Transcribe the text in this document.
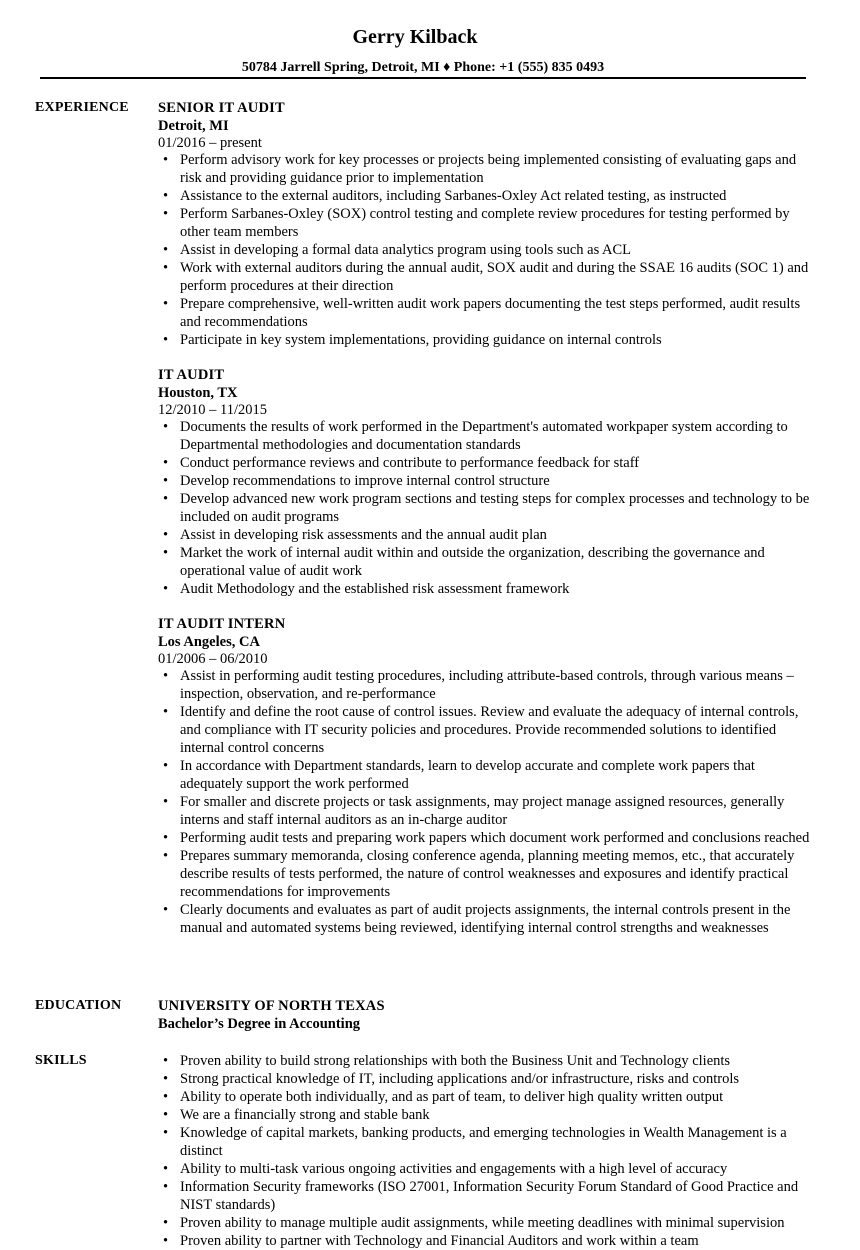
Gerry Kilback
50784 Jarrell Spring, Detroit, MI ♦ Phone: +1 (555) 835 0493
EXPERIENCE SENIOR IT AUDIT
Detroit, MI
01/2016 – present
• Perform advisory work for key processes or projects being implemented consisting of evaluating gaps and risk and providing guidance prior to implementation
• Assistance to the external auditors, including Sarbanes-Oxley Act related testing, as instructed
• Perform Sarbanes-Oxley (SOX) control testing and complete review procedures for testing performed by other team members
• Assist in developing a formal data analytics program using tools such as ACL
• Work with external auditors during the annual audit, SOX audit and during the SSAE 16 audits (SOC 1) and perform procedures at their direction
• Prepare comprehensive, well-written audit work papers documenting the test steps performed, audit results and recommendations
• Participate in key system implementations, providing guidance on internal controls
IT AUDIT
Houston, TX
12/2010 – 11/2015
• Documents the results of work performed in the Department's automated workpaper system according to Departmental methodologies and documentation standards
• Conduct performance reviews and contribute to performance feedback for staff
• Develop recommendations to improve internal control structure
• Develop advanced new work program sections and testing steps for complex processes and technology to be included on audit programs
• Assist in developing risk assessments and the annual audit plan
• Market the work of internal audit within and outside the organization, describing the governance and operational value of audit work
• Audit Methodology and the established risk assessment framework
IT AUDIT INTERN
Los Angeles, CA
01/2006 – 06/2010
• Assist in performing audit testing procedures, including attribute-based controls, through various means – inspection, observation, and re-performance
• Identify and define the root cause of control issues. Review and evaluate the adequacy of internal controls, and compliance with IT security policies and procedures. Provide recommended solutions to identified internal control concerns
• In accordance with Department standards, learn to develop accurate and complete work papers that adequately support the work performed
• For smaller and discrete projects or task assignments, may project manage assigned resources, generally interns and staff internal auditors as an in-charge auditor
• Performing audit tests and preparing work papers which document work performed and conclusions reached
• Prepares summary memoranda, closing conference agenda, planning meeting memos, etc., that accurately describe results of tests performed, the nature of control weaknesses and exposures and identify practical recommendations for improvements
• Clearly documents and evaluates as part of audit projects assignments, the internal controls present in the manual and automated systems being reviewed, identifying internal control strengths and weaknesses
EDUCATION	UNIVERSITY OF NORTH TEXAS
Bachelor’s Degree in Accounting
SKILLS
•	Proven ability to build strong relationships with both the Business Unit and Technology clients
• Strong practical knowledge of IT, including applications and/or infrastructure, risks and controls
• Ability to operate both individually, and as part of team, to deliver high quality written output
• We are a financially strong and stable bank
• Knowledge of capital markets, banking products, and emerging technologies in Wealth Management is a distinct
• Ability to multi-task various ongoing activities and engagements with a high level of accuracy
• Information Security frameworks (ISO 27001, Information Security Forum Standard of Good Practice and NIST standards)
• Proven ability to manage multiple audit assignments, while meeting deadlines with minimal supervision
• Proven ability to partner with Technology and Financial Auditors and work within a team
